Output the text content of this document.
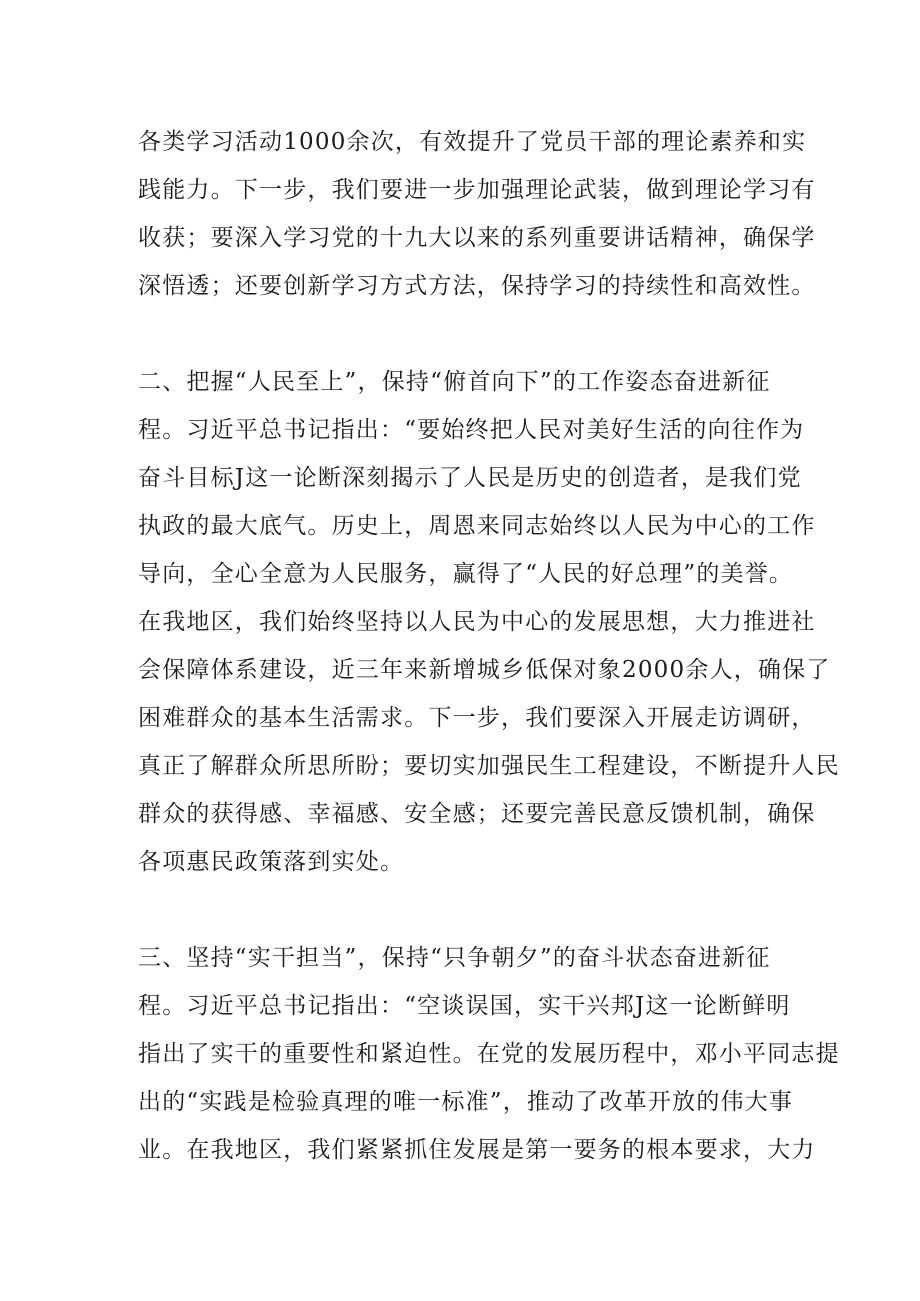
各类学习活动1000余次，有效提升了党员干部的理论素养和实
践能力。下一步，我们要进一步加强理论武装，做到理论学习有
收获；要深入学习党的十九大以来的系列重要讲话精神，确保学
深悟透；还要创新学习方式方法，保持学习的持续性和高效性。
二、把握“人民至上”，保持“俯首向下”的工作姿态奋进新征
程。习近平总书记指出：“要始终把人民对美好生活的向往作为
奋斗目标J这一论断深刻揭示了人民是历史的创造者，是我们党
执政的最大底气。历史上，周恩来同志始终以人民为中心的工作
导向，全心全意为人民服务，赢得了“人民的好总理”的美誉。
在我地区，我们始终坚持以人民为中心的发展思想，大力推进社
会保障体系建设，近三年来新增城乡低保对象2000余人，确保了
困难群众的基本生活需求。下一步，我们要深入开展走访调研，
真正了解群众所思所盼；要切实加强民生工程建设，不断提升人民
群众的获得感、幸福感、安全感；还要完善民意反馈机制，确保
各项惠民政策落到实处。
三、坚持“实干担当”，保持“只争朝夕”的奋斗状态奋进新征
程。习近平总书记指出：“空谈误国，实干兴邦J这一论断鲜明
指出了实干的重要性和紧迫性。在党的发展历程中，邓小平同志提
出的“实践是检验真理的唯一标准”，推动了改革开放的伟大事
业。在我地区，我们紧紧抓住发展是第一要务的根本要求，大力
